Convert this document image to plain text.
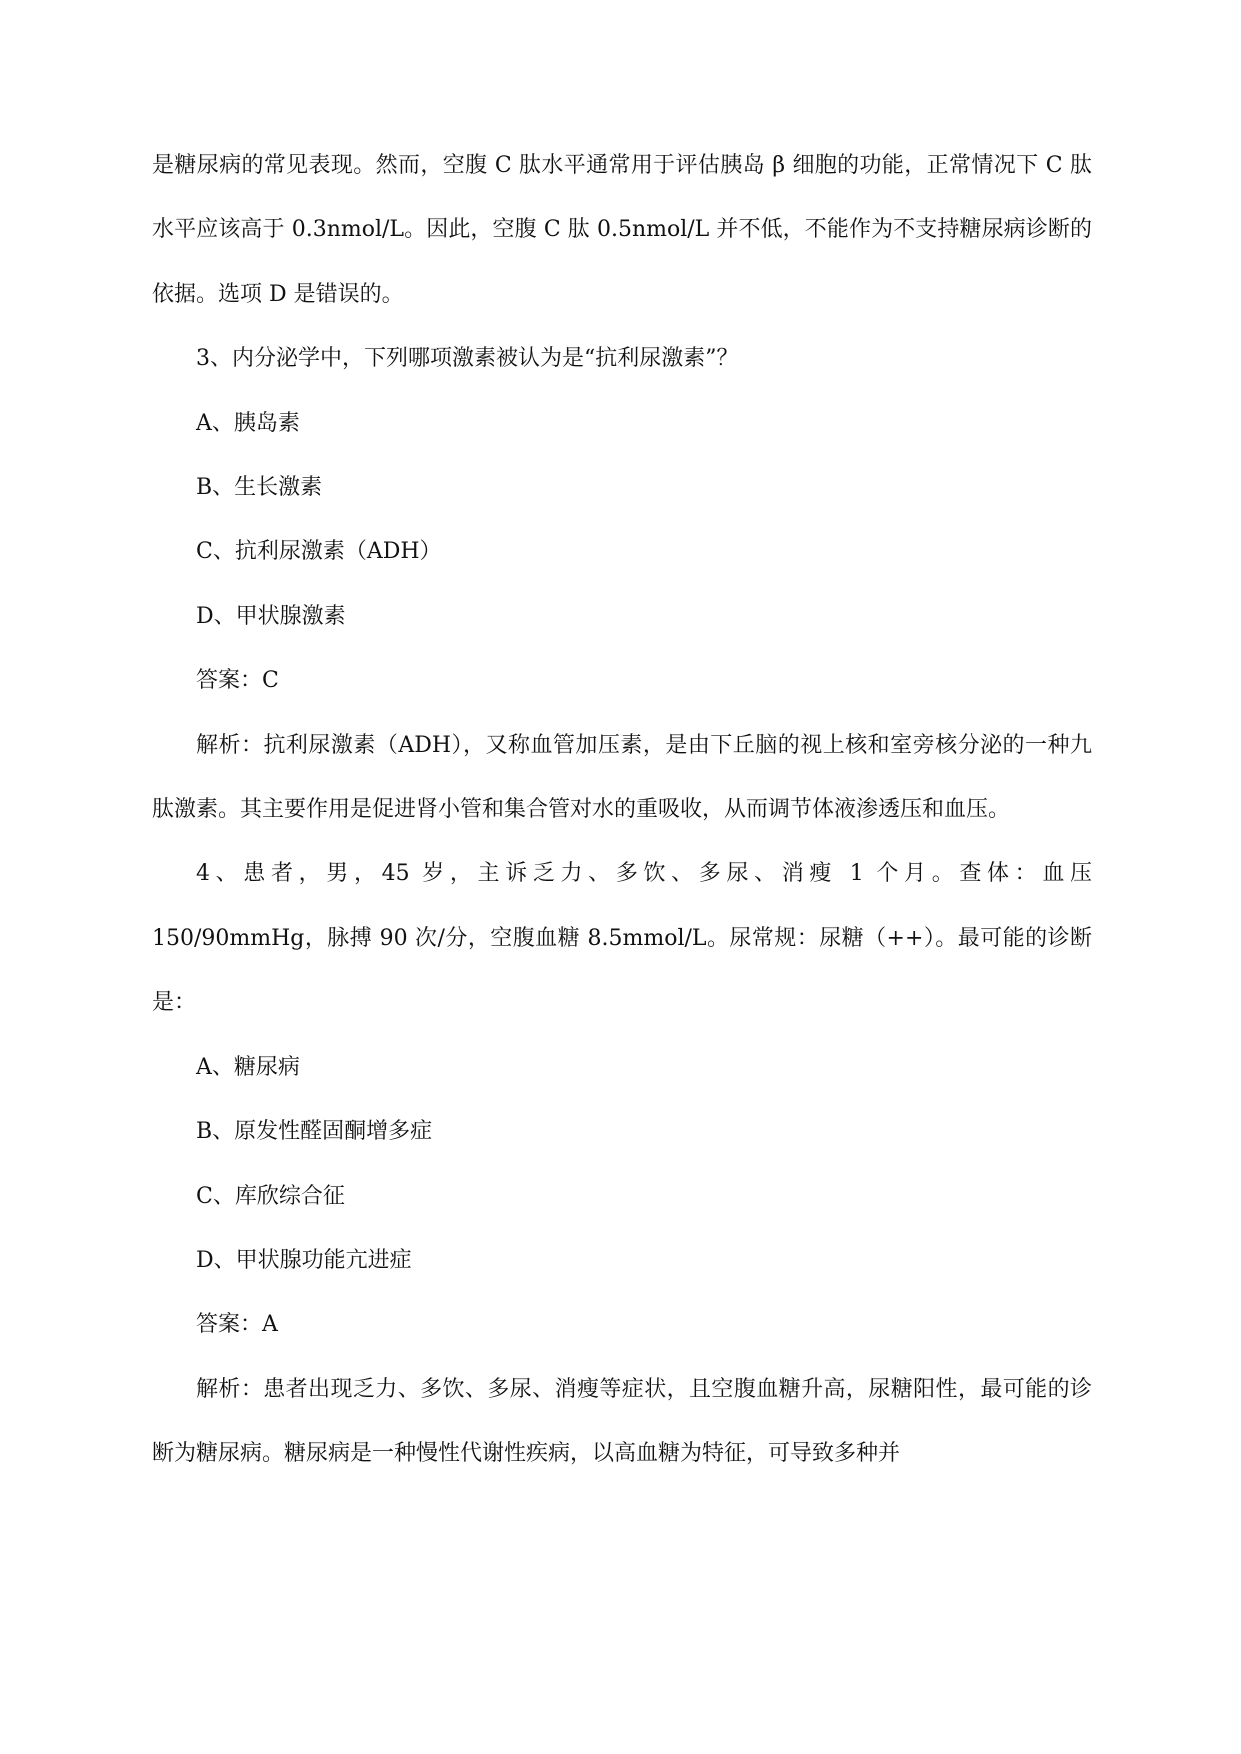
是糖尿病的常见表现。然而，空腹 C 肽水平通常用于评估胰岛 β 细胞的功能，正常情况下 C 肽水平应该高于 0.3nmol/L。因此，空腹 C 肽 0.5nmol/L 并不低，不能作为不支持糖尿病诊断的依据。选项 D 是错误的。

3、内分泌学中，下列哪项激素被认为是“抗利尿激素”？

A、胰岛素

B、生长激素

C、抗利尿激素（ADH）

D、甲状腺激素

答案：C

解析：抗利尿激素（ADH），又称血管加压素，是由下丘脑的视上核和室旁核分泌的一种九肽激素。其主要作用是促进肾小管和集合管对水的重吸收，从而调节体液渗透压和血压。

4、患者，男，45 岁，主诉乏力、多饮、多尿、消瘦 1 个月。查体：血压 150/90mmHg，脉搏 90 次/分，空腹血糖 8.5mmol/L。尿常规：尿糖（++）。最可能的诊断是：

A、糖尿病

B、原发性醛固酮增多症

C、库欣综合征

D、甲状腺功能亢进症

答案：A

解析：患者出现乏力、多饮、多尿、消瘦等症状，且空腹血糖升高，尿糖阳性，最可能的诊断为糖尿病。糖尿病是一种慢性代谢性疾病，以高血糖为特征，可导致多种并
